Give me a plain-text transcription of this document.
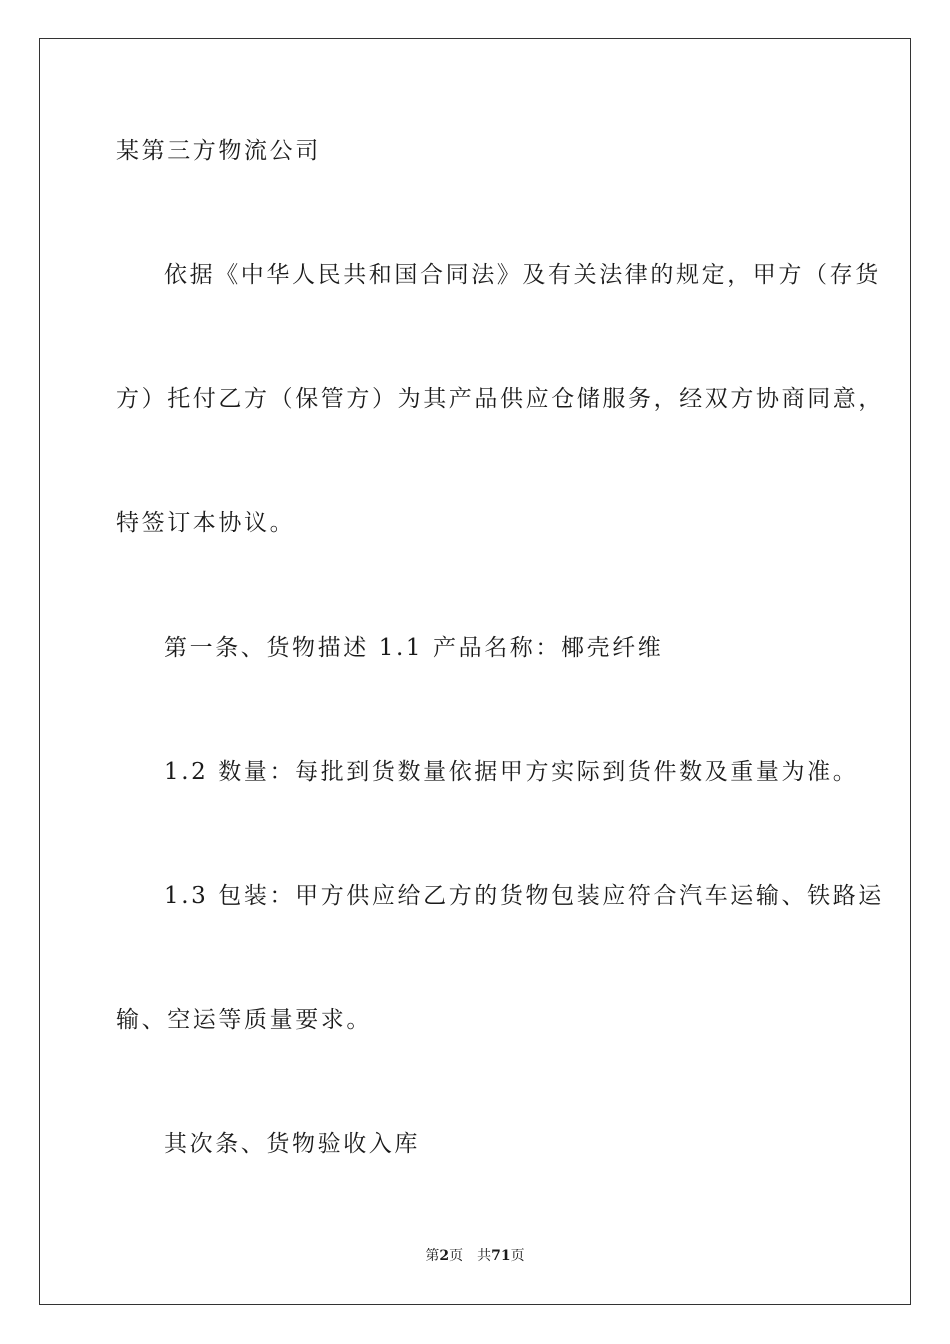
某第三方物流公司
依据《中华人民共和国合同法》及有关法律的规定，甲方（存货
方）托付乙方（保管方）为其产品供应仓储服务，经双方协商同意，
特签订本协议。
第一条、货物描述 1.1 产品名称：椰壳纤维
1.2 数量：每批到货数量依据甲方实际到货件数及重量为准。
1.3 包装：甲方供应给乙方的货物包装应符合汽车运输、铁路运
输、空运等质量要求。
其次条、货物验收入库
第2页 共71页
